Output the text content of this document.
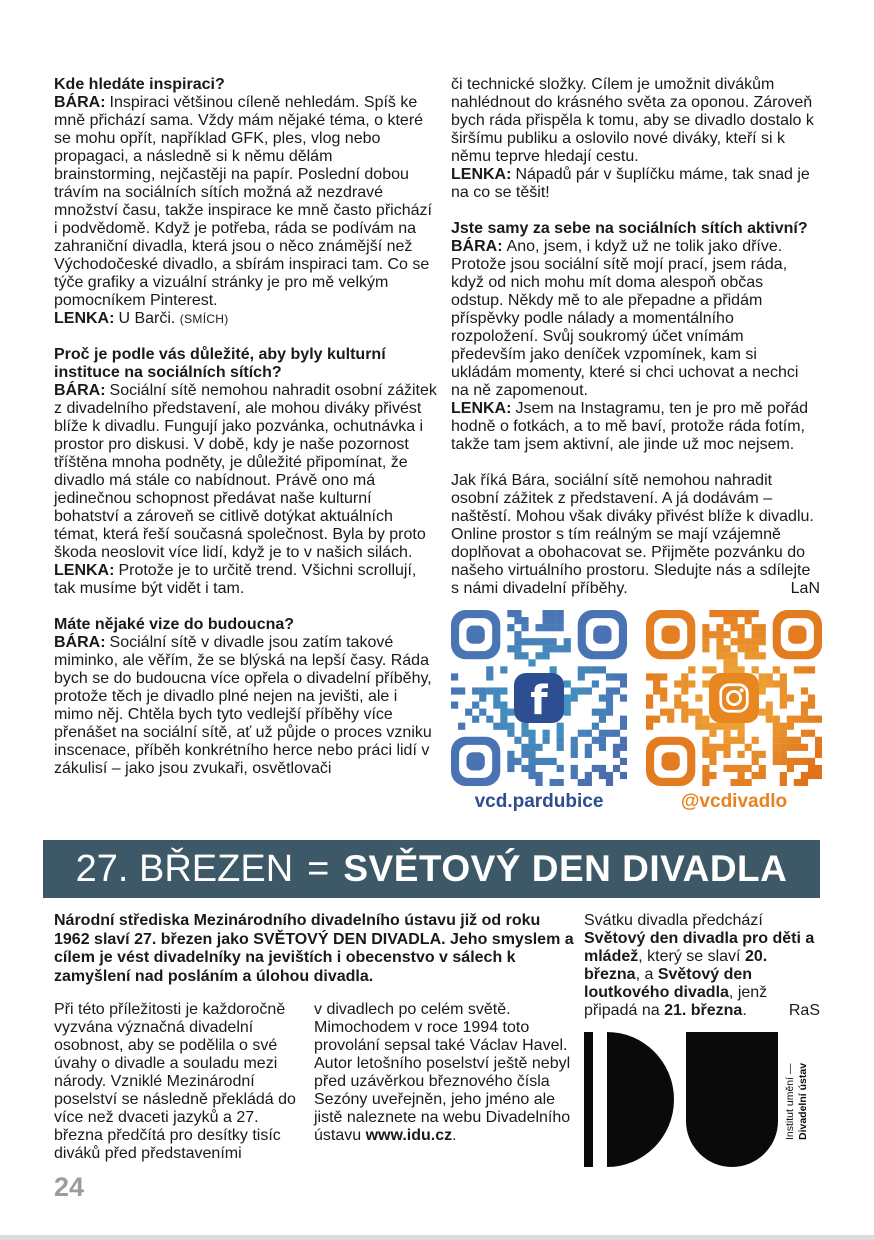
Kde hledáte inspiraci?

BÁRA: Inspiraci většinou cíleně nehledám. Spíš ke mně přichází sama. Vždy mám nějaké téma, o které se mohu opřít, například GFK, ples, vlog nebo propagaci, a následně si k němu dělám brainstorming, nejčastěji na papír. Poslední dobou trávím na sociálních sítích možná až nezdravé množství času, takže inspirace ke mně často přichází i podvědomě. Když je potřeba, ráda se podívám na zahraniční divadla, která jsou o něco známější než Východočeské divadlo, a sbírám inspiraci tam. Co se týče grafiky a vizuální stránky je pro mě velkým pomocníkem Pinterest.

LENKA: U Barči. (SMÍCH)

Proč je podle vás důležité, aby byly kulturní instituce na sociálních sítích?

BÁRA: Sociální sítě nemohou nahradit osobní zážitek z divadelního představení, ale mohou diváky přivést blíže k divadlu. Fungují jako pozvánka, ochutnávka i prostor pro diskusi. V době, kdy je naše pozornost tříštěna mnoha podněty, je důležité připomínat, že divadlo má stále co nabídnout. Právě ono má jedinečnou schopnost předávat naše kulturní bohatství a zároveň se citlivě dotýkat aktuálních témat, která řeší současná společnost. Byla by proto škoda neoslovit více lidí, když je to v našich silách.

LENKA: Protože je to určitě trend. Všichni scrollují, tak musíme být vidět i tam.

Máte nějaké vize do budoucna?

BÁRA: Sociální sítě v divadle jsou zatím takové miminko, ale věřím, že se blýská na lepší časy. Ráda bych se do budoucna více opřela o divadelní příběhy, protože těch je divadlo plné nejen na jevišti, ale i mimo něj. Chtěla bych tyto vedlejší příběhy více přenášet na sociální sítě, ať už půjde o proces vzniku inscenace, příběh konkrétního herce nebo práci lidí v zákulisí – jako jsou zvukaři, osvětlovači

či technické složky. Cílem je umožnit divákům nahlédnout do krásného světa za oponou. Zároveň bych ráda přispěla k tomu, aby se divadlo dostalo k širšímu publiku a oslovilo nové diváky, kteří si k němu teprve hledají cestu.

LENKA: Nápadů pár v šuplíčku máme, tak snad je na co se těšit!

Jste samy za sebe na sociálních sítích aktivní?

BÁRA: Ano, jsem, i když už ne tolik jako dříve. Protože jsou sociální sítě mojí prací, jsem ráda, když od nich mohu mít doma alespoň občas odstup. Někdy mě to ale přepadne a přidám příspěvky podle nálady a momentálního rozpoložení. Svůj soukromý účet vnímám především jako deníček vzpomínek, kam si ukládám momenty, které si chci uchovat a nechci na ně zapomenout.

LENKA: Jsem na Instagramu, ten je pro mě pořád hodně o fotkách, a to mě baví, protože ráda fotím, takže tam jsem aktivní, ale jinde už moc nejsem.

Jak říká Bára, sociální sítě nemohou nahradit osobní zážitek z představení. A já dodávám – naštěstí. Mohou však diváky přivést blíže k divadlu. Online prostor s tím reálným se mají vzájemně doplňovat a obohacovat se. Přijměte pozvánku do našeho virtuálního prostoru. Sledujte nás a sdílejte s námi divadelní příběhy.	LaN

f
vcd.pardubice	@vcdivadlo
27. BŘEZEN = SVĚTOVÝ DEN DIVADLA

Národní střediska Mezinárodního divadelního ústavu již od roku 1962 slaví 27. březen jako SVĚTOVÝ DEN DIVADLA. Jeho smyslem a cílem je vést divadelníky na jevištích i obecenstvo v sálech k zamyšlení nad posláním a úlohou divadla.

Při této příležitosti je každoročně vyzvána význačná divadelní osobnost, aby se podělila o své úvahy o divadle a souladu mezi národy. Vzniklé Mezinárodní poselství se následně překládá do více než dvaceti jazyků a 27. března předčítá pro desítky tisíc diváků před představeními

v divadlech po celém světě. Mimochodem v roce 1994 toto provolání sepsal také Václav Havel. Autor letošního poselství ještě nebyl před uzávěrkou březnového čísla Sezóny uveřejněn, jeho jméno ale jistě naleznete na webu Divadelního ústavu www.idu.cz.

Svátku divadla předchází Světový den divadla pro děti a mládež, který se slaví 20. března, a Světový den loutkového divadla, jenž připadá na 21. března.	RaS

Institut umění — Divadelní ústav
24
